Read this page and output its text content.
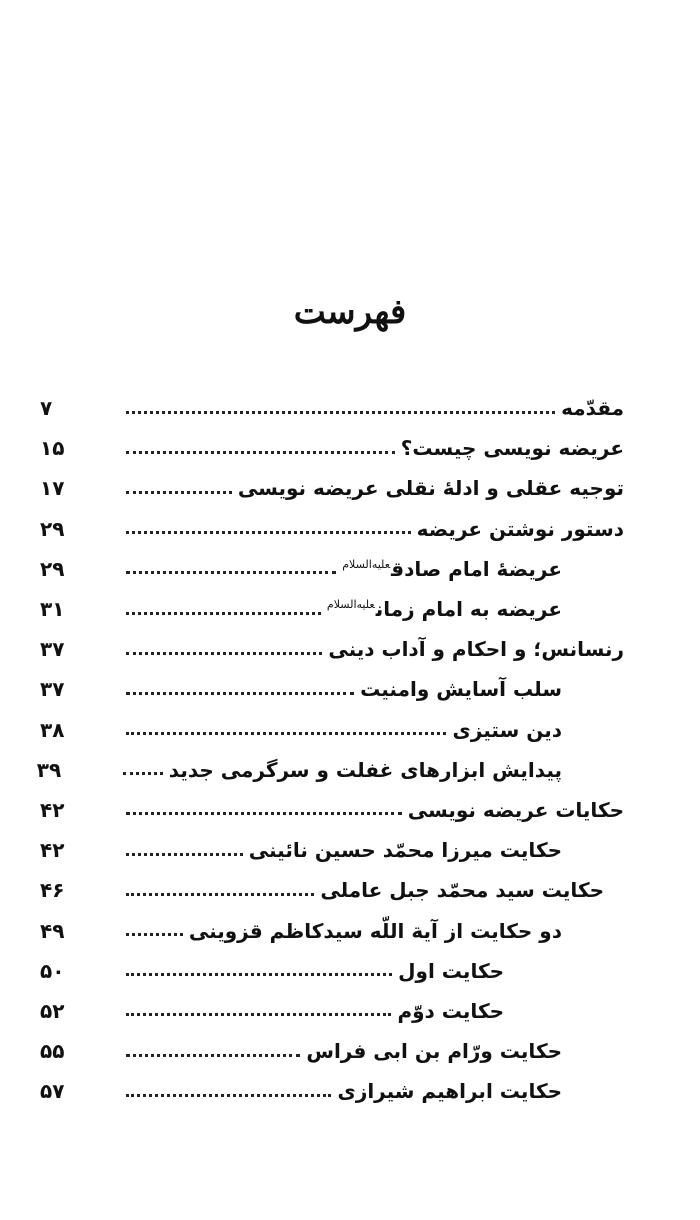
فهرست
مقدّمه
۷
عریضه نویسی چیست؟
۱۵
توجیه عقلی و ادلۀ نقلی عریضه نویسی
۱۷
دستور نوشتن عریضه
۲۹
عریضۀ امام صادق$^{علیه‌السلام}$
۲۹
عریضه به امام زمان$^{علیه‌السلام}$
۳۱
رنسانس؛ و احکام و آداب دینی
۳۷
سلب آسایش وامنیت
۳۷
دین ستیزی
۳۸
پیدایش ابزارهای غفلت و سرگرمی جدید
۳۹
حکایات عریضه نویسی
۴۲
حکایت میرزا محمّد حسین نائینی
۴۲
حکایت سید محمّد جبل عاملی
۴۶
دو حکایت از آیة اللّه سیدکاظم قزوینی
۴۹
حکایت اول
۵۰
حکایت دوّم
۵۲
حکایت ورّام بن ابی فراس
۵۵
حکایت ابراهیم شیرازی
۵۷
